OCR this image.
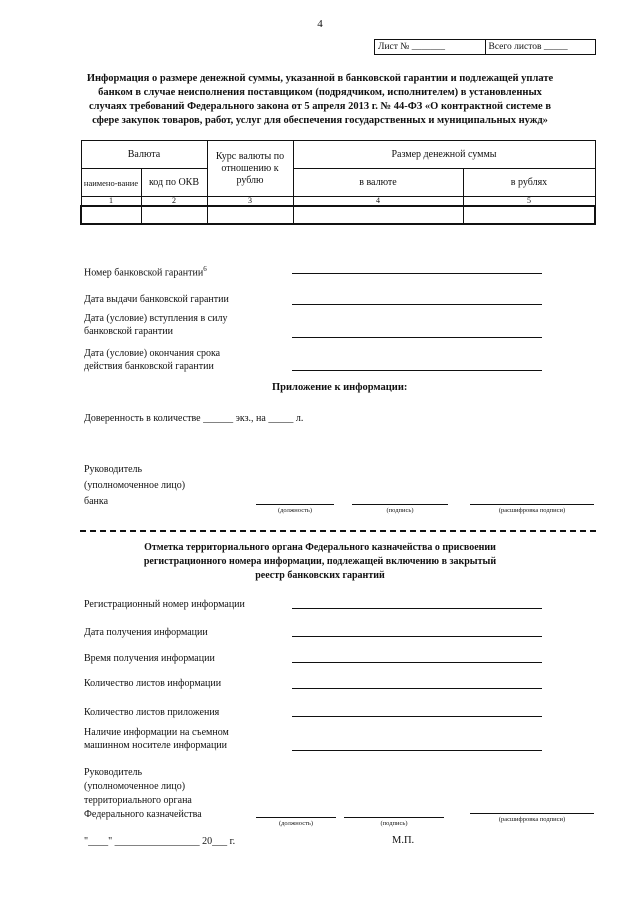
4
Лист № _______	Всего листов _____
Информация о размере денежной суммы, указанной в банковской гарантии и подлежащей уплате банком в случае неисполнения поставщиком (подрядчиком, исполнителем) в установленных случаях требований Федерального закона от 5 апреля 2013 г. № 44-ФЗ «О контрактной системе в сфере закупок товаров, работ, услуг для обеспечения государственных и муниципальных нужд»
Валюта		Курс валюты по отношению к рублю	Размер денежной суммы	
наимено-вание	код по ОКВ		в валюте	в рублях
1	2	3	4	5

Номер банковской гарантии$^6$
Дата выдачи банковской гарантии
Дата (условие) вступления в силу
банковской гарантии
Дата (условие) окончания срока
действия банковской гарантии
Приложение к информации:
Доверенность в количестве ______ экз., на _____ л.
Руководитель
(уполномоченное лицо)
банка
(должность)	(подпись)	(расшифровка подписи)
Отметка территориального органа Федерального казначейства о присвоении регистрационного номера информации, подлежащей включению в закрытый реестр банковских гарантий
Регистрационный номер информации
Дата получения информации
Время получения информации
Количество листов информации
Количество листов приложения
Наличие информации на съемном
машинном носителе информации
Руководитель
(уполномоченное лицо)
территориального органа
Федерального казначейства
(должность)	(подпись)
(расшифровка подписи)
"____" _________________ 20___ г.	М.П.
